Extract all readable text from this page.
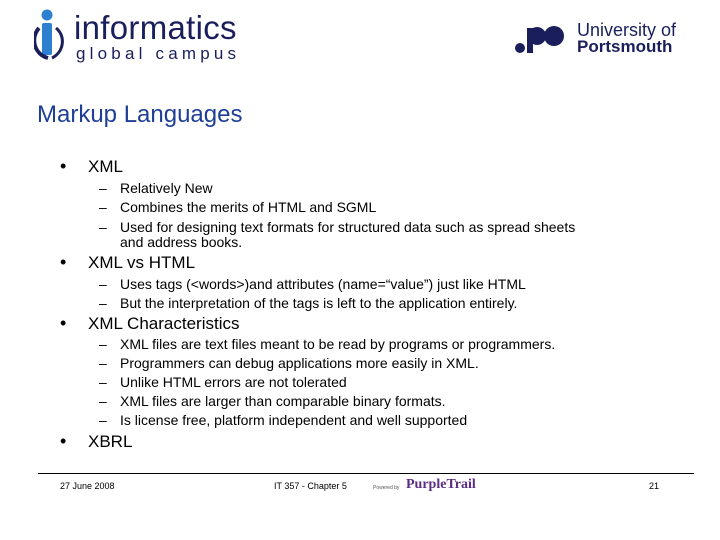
informatics
global campus
University of
Portsmouth
Markup Languages
• XML
– Relatively New
– Combines the merits of HTML and SGML
– Used for designing text formats for structured data such as spread sheets
and address books.
• XML vs HTML
– Uses tags (<words>)and attributes (name=“value”) just like HTML
– But the interpretation of the tags is left to the application entirely.
• XML Characteristics
– XML files are text files meant to be read by programs or programmers.
– Programmers can debug applications more easily in XML.
– Unlike HTML errors are not tolerated
– XML files are larger than comparable binary formats.
– Is license free, platform independent and well supported
• XBRL
27 June 2008	IT 357 - Chapter 5	Powered by PurpleTrail	21
